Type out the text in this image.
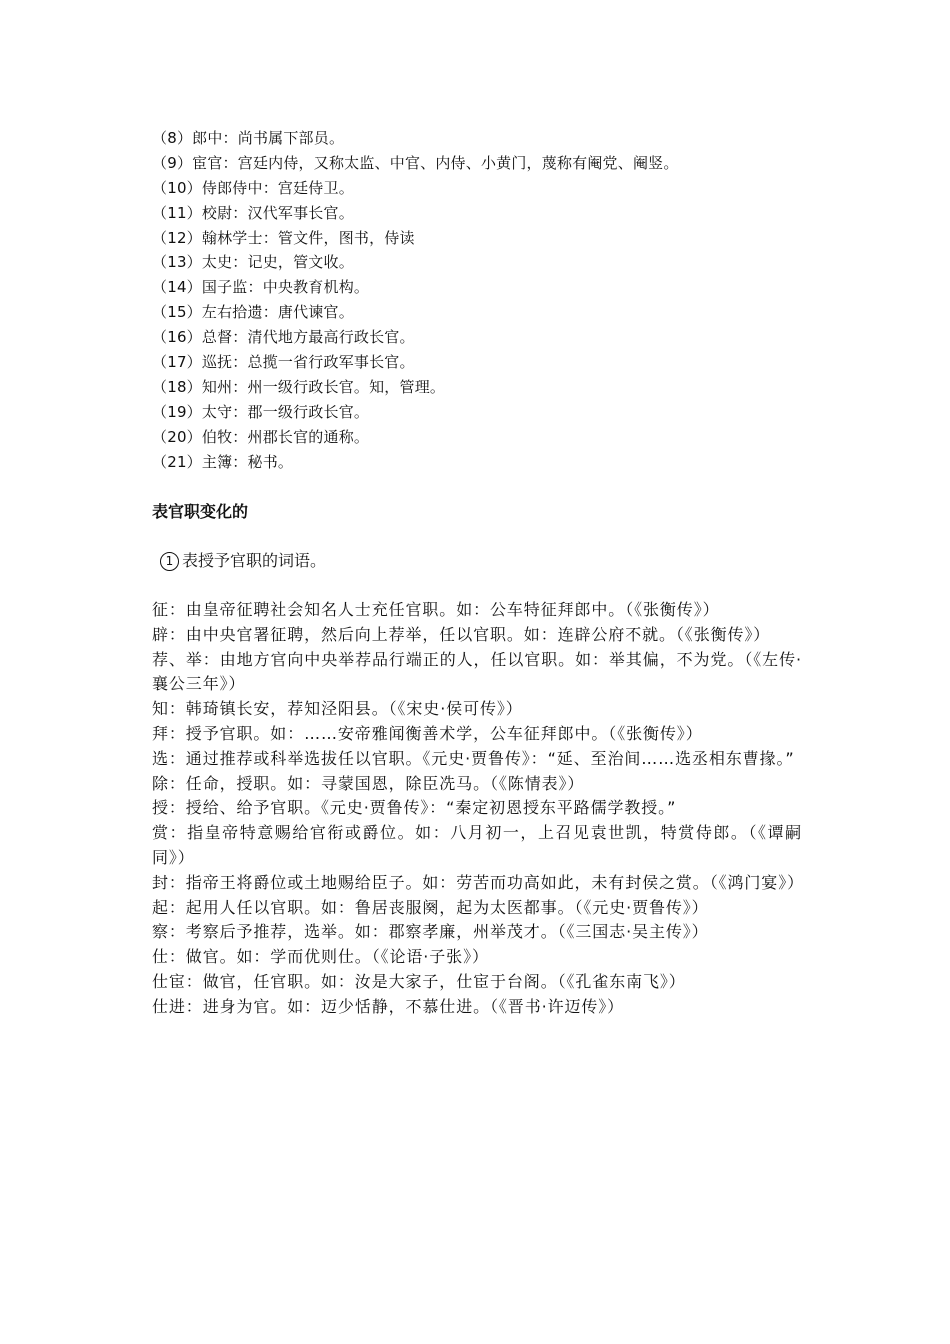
（8）郎中：尚书属下部员。
（9）宦官：宫廷内侍，又称太监、中官、内侍、小黄门，蔑称有阉党、阉竖。
（10）侍郎侍中：宫廷侍卫。
（11）校尉：汉代军事长官。
（12）翰林学士：管文件，图书，侍读
（13）太史：记史，管文收。
（14）国子监：中央教育机构。
（15）左右拾遗：唐代谏官。
（16）总督：清代地方最高行政长官。
（17）巡抚：总揽一省行政军事长官。
（18）知州：州一级行政长官。知，管理。
（19）太守：郡一级行政长官。
（20）伯牧：州郡长官的通称。
（21）主簿：秘书。
表官职变化的
1 表授予官职的词语。
征：由皇帝征聘社会知名人士充任官职。如：公车特征拜郎中。（《张衡传》）
辟：由中央官署征聘，然后向上荐举，任以官职。如：连辟公府不就。（《张衡传》）
荐、举：由地方官向中央举荐品行端正的人，任以官职。如：举其偏，不为党。（《左传·襄公三年》）
知：韩琦镇长安，荐知泾阳县。（《宋史·侯可传》）
拜：授予官职。如：……安帝雅闻衡善术学，公车征拜郎中。（《张衡传》）
选：通过推荐或科举选拔任以官职。《元史·贾鲁传》：“延、至治间……选丞相东曹掾。”
除：任命，授职。如：寻蒙国恩，除臣冼马。（《陈情表》）
授：授给、给予官职。《元史·贾鲁传》：“秦定初恩授东平路儒学教授。”
赏：指皇帝特意赐给官衔或爵位。如：八月初一，上召见袁世凯，特赏侍郎。（《谭嗣同》）
封：指帝王将爵位或土地赐给臣子。如：劳苦而功高如此，未有封侯之赏。（《鸿门宴》）
起：起用人任以官职。如：鲁居丧服阕，起为太医都事。（《元史·贾鲁传》）
察：考察后予推荐，选举。如：郡察孝廉，州举茂才。（《三国志·吴主传》）
仕：做官。如：学而优则仕。（《论语·子张》）
仕宦：做官，任官职。如：汝是大家子，仕宦于台阁。（《孔雀东南飞》）
仕进：进身为官。如：迈少恬静，不慕仕进。（《晋书·许迈传》）
